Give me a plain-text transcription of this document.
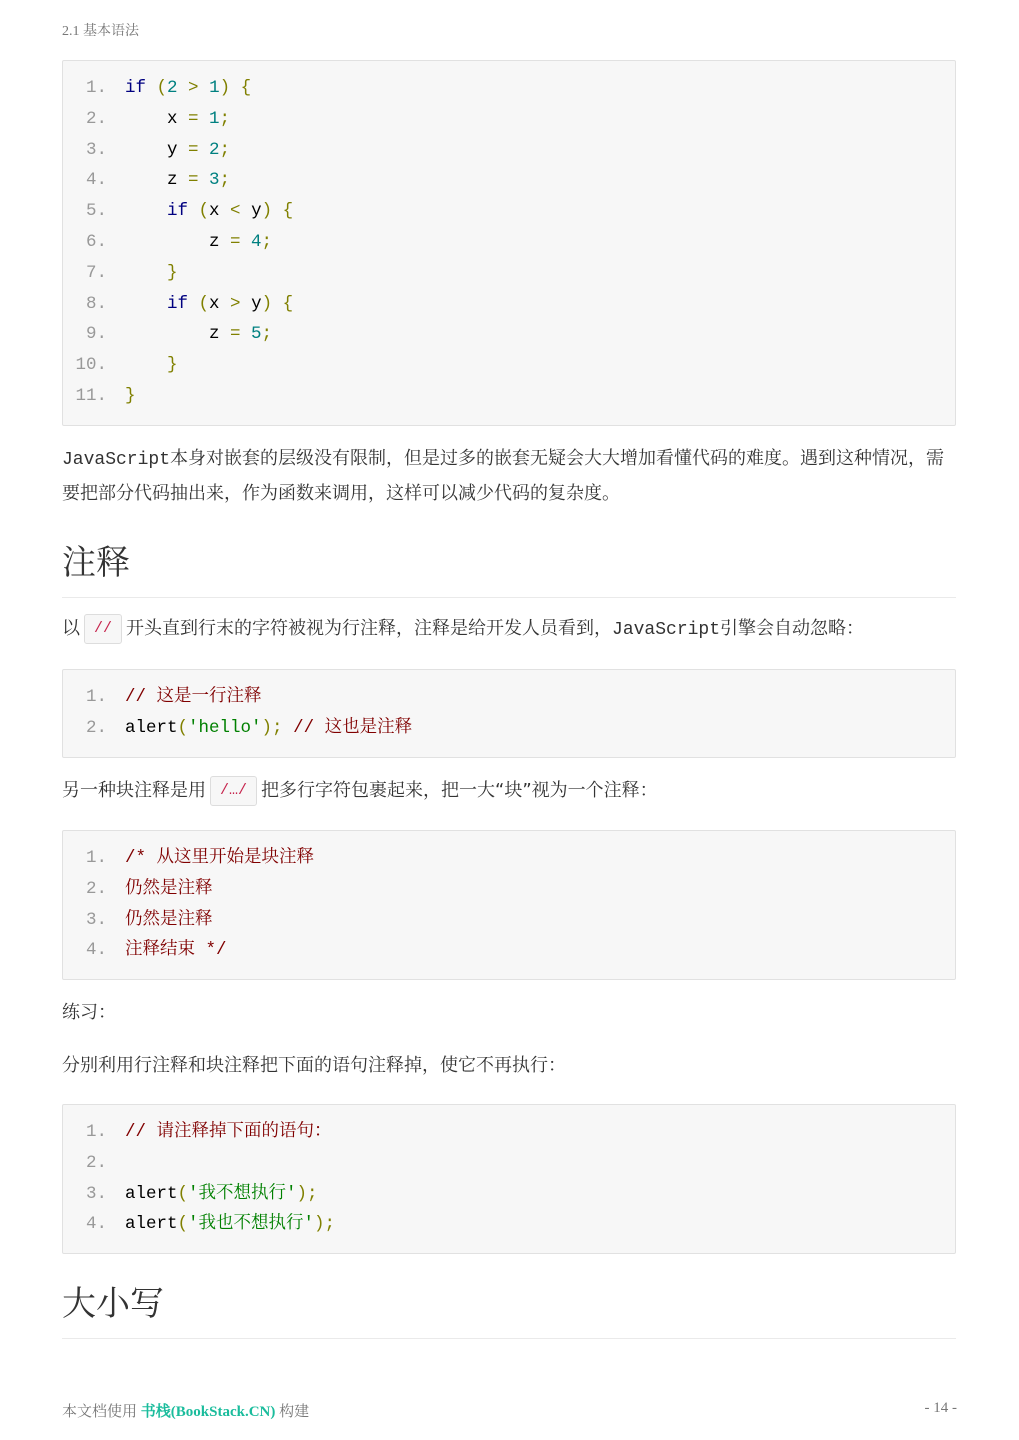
2.1 基本语法
1.	if (2 > 1) {
2.	x = 1;
3.	y = 2;
4.	z = 3;
5.	if (x < y) {
6.	z = 4;
7.	}
8.	if (x > y) {
9.	z = 5;
10.	}
11.	}

JavaScript本身对嵌套的层级没有限制，但是过多的嵌套无疑会大大增加看懂代码的难度。遇到这种情况，需要把部分代码抽出来，作为函数来调用，这样可以减少代码的复杂度。

注释

以 // 开头直到行末的字符被视为行注释，注释是给开发人员看到，JavaScript引擎会自动忽略：

1.	// 这是一行注释
2.	alert('hello'); // 这也是注释

另一种块注释是用 /…/ 把多行字符包裹起来，把一大“块”视为一个注释：

1.	/* 从这里开始是块注释
2.	仍然是注释
3.	仍然是注释
4.	注释结束 */

练习：

分别利用行注释和块注释把下面的语句注释掉，使它不再执行：

1.	// 请注释掉下面的语句：
2.
3.	alert('我不想执行');
4.	alert('我也不想执行');
大小写
本文档使用 书栈(BookStack.CN) 构建	- 14 -
